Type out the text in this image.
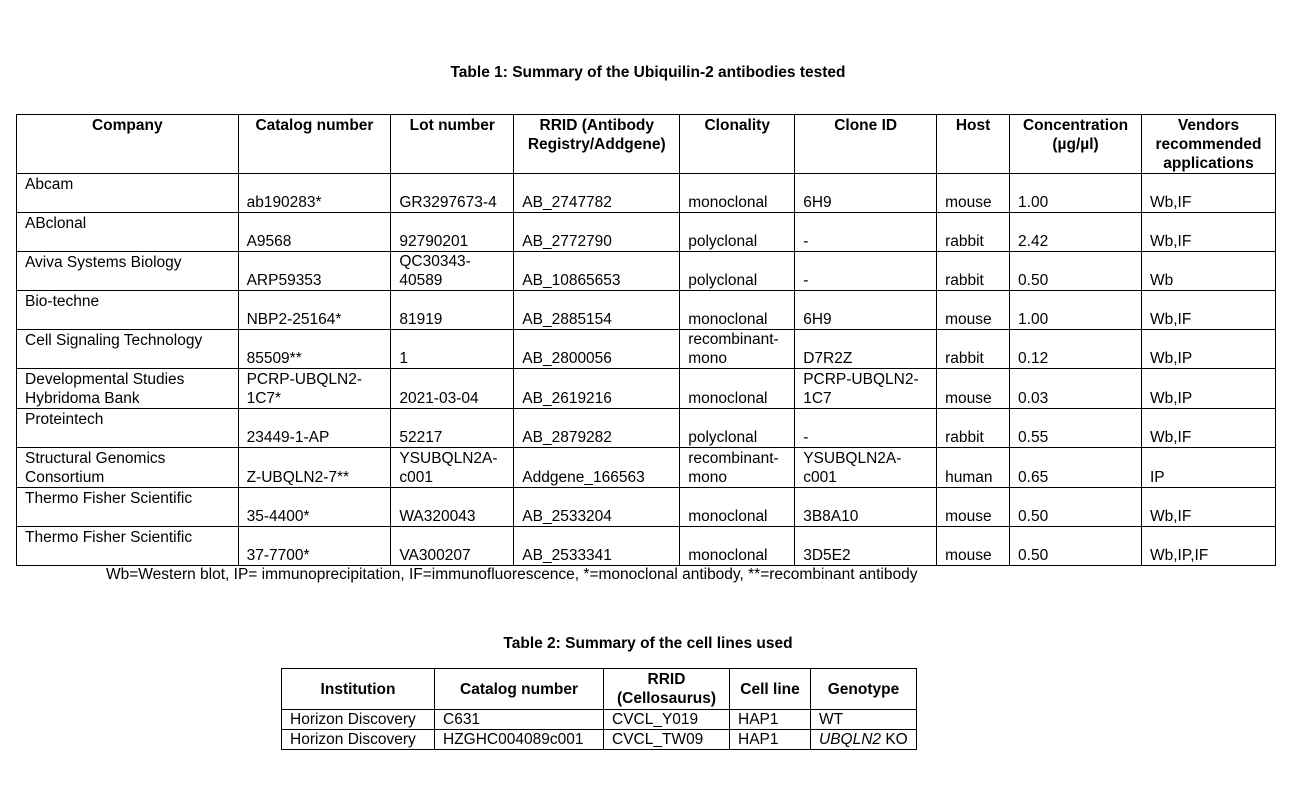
Table 1: Summary of the Ubiquilin-2 antibodies tested
Company	Catalog number	Lot number	RRID (Antibody Registry/Addgene)	Clonality	Clone ID	Host	Concentration (µg/µl)	Vendors recommended applications
Abcam	ab190283*	GR3297673-4	AB_2747782	monoclonal	6H9	mouse	1.00	Wb,IF
ABclonal	A9568	92790201	AB_2772790	polyclonal	-	rabbit	2.42	Wb,IF
Aviva Systems Biology	ARP59353	QC30343-40589	AB_10865653	polyclonal	-	rabbit	0.50	Wb
Bio-techne	NBP2-25164*	81919	AB_2885154	monoclonal	6H9	mouse	1.00	Wb,IF
Cell Signaling Technology	85509**	1	AB_2800056	recombinant-mono	D7R2Z	rabbit	0.12	Wb,IP
Developmental Studies Hybridoma Bank	PCRP-UBQLN2-1C7*	2021-03-04	AB_2619216	monoclonal	PCRP-UBQLN2-1C7	mouse	0.03	Wb,IP
Proteintech	23449-1-AP	52217	AB_2879282	polyclonal	-	rabbit	0.55	Wb,IF
Structural Genomics Consortium	Z-UBQLN2-7**	YSUBQLN2A-c001	Addgene_166563	recombinant-mono	YSUBQLN2A-c001	human	0.65	IP
Thermo Fisher Scientific	35-4400*	WA320043	AB_2533204	monoclonal	3B8A10	mouse	0.50	Wb,IF
Thermo Fisher Scientific	37-7700*	VA300207	AB_2533341	monoclonal	3D5E2	mouse	0.50	Wb,IP,IF
Wb=Western blot, IP= immunoprecipitation, IF=immunofluorescence, *=monoclonal antibody, **=recombinant antibody
Table 2: Summary of the cell lines used
Institution	Catalog number	RRID (Cellosaurus)	Cell line	Genotype
Horizon Discovery	C631	CVCL_Y019	HAP1	WT
Horizon Discovery	HZGHC004089c001	CVCL_TW09	HAP1	UBQLN2 KO
